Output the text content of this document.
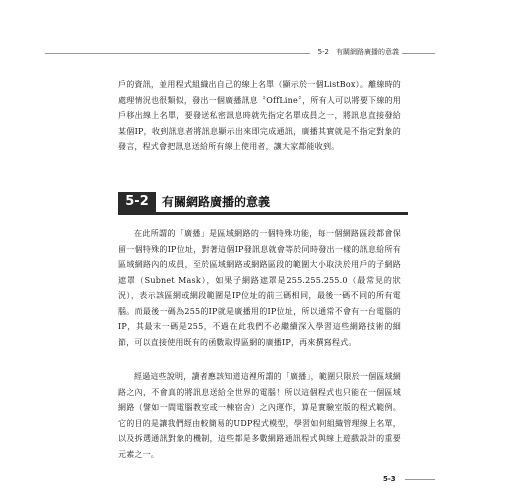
5-2　有關網路廣播的意義

戶的資訊，並用程式組織出自己的線上名單（顯示於一個ListBox）。離線時的處理情況也很類似，發出一個廣播訊息〝OffLine〞，所有人可以將要下線的用戶移出線上名單，要發送私密訊息時就先指定名單成員之一，將訊息直接發給某個IP，收到訊息者將訊息顯示出來即完成通訊，廣播其實就是不指定對象的發言，程式會把訊息送給所有線上使用者，讓大家都能收到。

5-2	有關網路廣播的意義

在此所謂的「廣播」是區域網路的一個特殊功能，每一個網路區段都會保留一個特殊的IP位址，對著這個IP發訊息就會等於同時發出一樣的訊息給所有區域網路內的成員，至於區域網路或網路區段的範圍大小取決於用戶的子網路遮罩（Subnet Mask），如果子網路遮罩是255.255.255.0（最常見的狀況），表示該區網或網段範圍是IP位址的前三碼相同，最後一碼不同的所有電腦。而最後一碼為255的IP就是廣播用的IP位址，所以通常不會有一台電腦的IP，其最末一碼是255，不過在此我們不必繼續深入學習這些網路技術的細節，可以直接使用既有的函數取得區網的廣播IP，再來撰寫程式。

經過這些說明，讀者應該知道這裡所謂的「廣播」，範圍只限於一個區域網路之內，不會真的將訊息送給全世界的電腦！所以這個程式也只能在一個區域網路（譬如一間電腦教室或一棟宿舍）之內運作，算是實驗室版的程式範例。它的目的是讓我們經由較簡易的UDP程式模型，學習如何組織管理線上名單，以及拆選通訊對象的機制，這些都是多數網路通訊程式與線上遊戲設計的重要元素之一。

5-3
